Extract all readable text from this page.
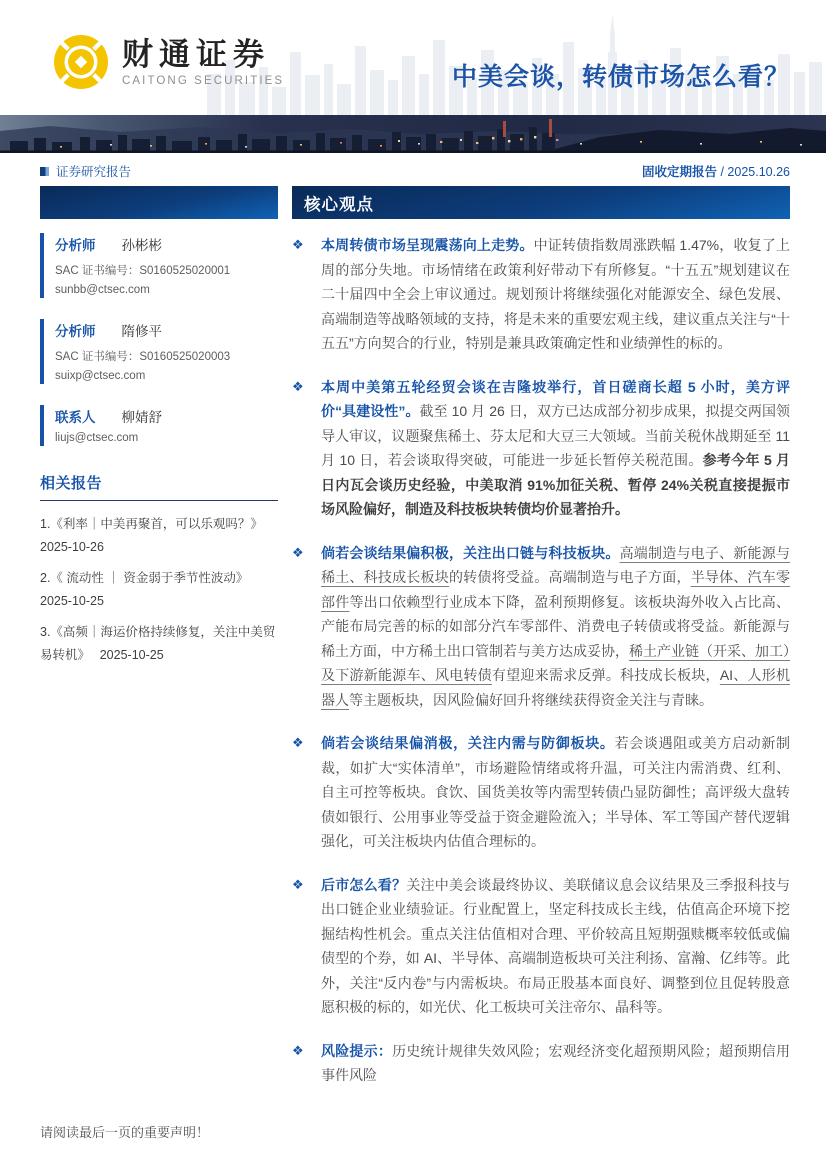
财通证券
CAITONG SECURITIES	中美会谈，转债市场怎么看？
证券研究报告	固收定期报告 / 2025.10.26
分析师 孙彬彬
SAC 证书编号：S0160525020001
sunbb@ctsec.com
分析师 隋修平
SAC 证书编号：S0160525020003
suixp@ctsec.com
联系人 柳婧舒
liujs@ctsec.com
相关报告
1.《利率｜中美再聚首，可以乐观吗？》 2025-10-26
2.《 流动性 ｜ 资金弱于季节性波动》 2025-10-25
3.《高频｜海运价格持续修复，关注中美贸易转机》　 2025-10-25
核心观点
❖	本周转债市场呈现震荡向上走势。中证转债指数周涨跌幅 1.47%，收复了上周的部分失地。市场情绪在政策利好带动下有所修复。“十五五”规划建议在二十届四中全会上审议通过。规划预计将继续强化对能源安全、绿色发展、高端制造等战略领域的支持，将是未来的重要宏观主线，建议重点关注与“十五五”方向契合的行业，特别是兼具政策确定性和业绩弹性的标的。

❖	本周中美第五轮经贸会谈在吉隆坡举行，首日磋商长超 5 小时，美方评价“具建设性”。截至 10 月 26 日，双方已达成部分初步成果，拟提交两国领导人审议，议题聚焦稀土、芬太尼和大豆三大领域。当前关税休战期延至 11 月 10 日，若会谈取得突破，可能进一步延长暂停关税范围。参考今年 5 月日内瓦会谈历史经验，中美取消 91%加征关税、暂停 24%关税直接提振市场风险偏好，制造及科技板块转债均价显著抬升。

❖	倘若会谈结果偏积极，关注出口链与科技板块。高端制造与电子、新能源与稀土、科技成长板块的转债将受益。高端制造与电子方面，半导体、汽车零部件等出口依赖型行业成本下降，盈利预期修复。该板块海外收入占比高、产能布局完善的标的如部分汽车零部件、消费电子转债或将受益。新能源与稀土方面，中方稀土出口管制若与美方达成妥协，稀土产业链（开采、加工）及下游新能源车、风电转债有望迎来需求反弹。科技成长板块，AI、人形机器人等主题板块，因风险偏好回升将继续获得资金关注与青睐。

❖	倘若会谈结果偏消极，关注内需与防御板块。若会谈遇阻或美方启动新制裁，如扩大“实体清单”，市场避险情绪或将升温，可关注内需消费、红利、自主可控等板块。食饮、国货美妆等内需型转债凸显防御性；高评级大盘转债如银行、公用事业等受益于资金避险流入；半导体、军工等国产替代逻辑强化，可关注板块内估值合理标的。

❖	后市怎么看？关注中美会谈最终协议、美联储议息会议结果及三季报科技与出口链企业业绩验证。行业配置上，坚定科技成长主线，估值高企环境下挖掘结构性机会。重点关注估值相对合理、平价较高且短期强赎概率较低或偏债型的个券，如 AI、半导体、高端制造板块可关注利扬、富瀚、亿纬等。此外，关注“反内卷”与内需板块。布局正股基本面良好、调整到位且促转股意愿积极的标的，如光伏、化工板块可关注帝尔、晶科等。

❖	风险提示：历史统计规律失效风险；宏观经济变化超预期风险；超预期信用事件风险

请阅读最后一页的重要声明！
